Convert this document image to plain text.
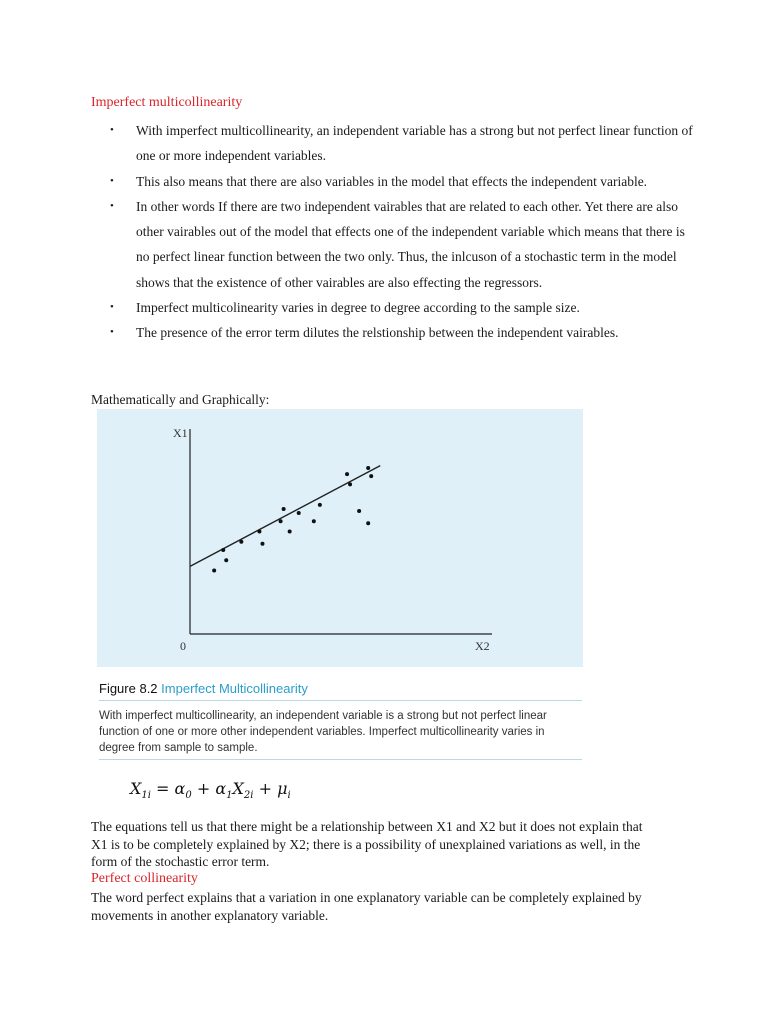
Imperfect multicollinearity
• With imperfect multicollinearity, an independent variable has a strong but not perfect linear function of one or more independent variables.
• This also means that there are also variables in the model that effects the independent variable.
• In other words If there are two independent vairables that are related to each other. Yet there are also other vairables out of the model that effects one of the independent variable which means that there is no perfect linear function between the two only. Thus, the inlcuson of a stochastic term in the model shows that the existence of other vairables are also effecting the regressors.
• Imperfect multicolinearity varies in degree to degree according to the sample size.
• The presence of the error term dilutes the relstionship between the independent vairables.

Mathematically and Graphically:

X1
X2
0

Figure 8.2 Imperfect Multicollinearity

With imperfect multicollinearity, an independent variable is a strong but not perfect linear function of one or more other independent variables. Imperfect multicollinearity varies in degree from sample to sample.

$X_{1i} = \alpha_0 + \alpha_1X_{2i} + \mu_i$

The equations tell us that there might be a relationship between X1 and X2 but it does not explain that X1 is to be completely explained by X2; there is a possibility of unexplained variations as well, in the form of the stochastic error term.

Perfect collinearity

The word perfect explains that a variation in one explanatory variable can be completely explained by movements in another explanatory variable.
